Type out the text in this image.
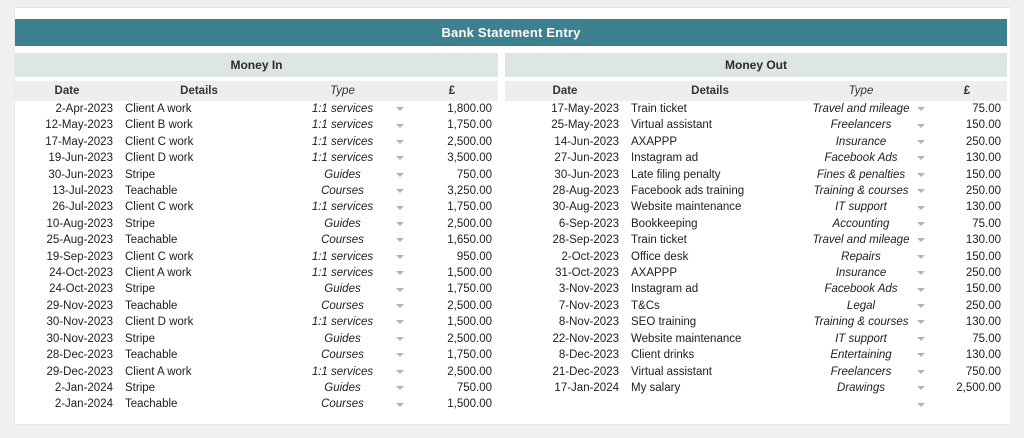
Bank Statement Entry
Money In	Money Out
Date	Details	Type	£
2-Apr-2023	Client A work	1:1 services	1,800.00
12-May-2023	Client B work	1:1 services	1,750.00
17-May-2023	Client C work	1:1 services	2,500.00
19-Jun-2023	Client D work	1:1 services	3,500.00
30-Jun-2023	Stripe	Guides	750.00
13-Jul-2023	Teachable	Courses	3,250.00
26-Jul-2023	Client C work	1:1 services	1,750.00
10-Aug-2023	Stripe	Guides	2,500.00
25-Aug-2023	Teachable	Courses	1,650.00
19-Sep-2023	Client C work	1:1 services	950.00
24-Oct-2023	Client A work	1:1 services	1,500.00
24-Oct-2023	Stripe	Guides	1,750.00
29-Nov-2023	Teachable	Courses	2,500.00
30-Nov-2023	Client D work	1:1 services	1,500.00
30-Nov-2023	Stripe	Guides	2,500.00
28-Dec-2023	Teachable	Courses	1,750.00
29-Dec-2023	Client A work	1:1 services	2,500.00
2-Jan-2024	Stripe	Guides	750.00
2-Jan-2024	Teachable	Courses	1,500.00
Date	Details	Type	£
17-May-2023	Train ticket	Travel and mileage	75.00
25-May-2023	Virtual assistant	Freelancers	150.00
14-Jun-2023	AXAPPP	Insurance	250.00
27-Jun-2023	Instagram ad	Facebook Ads	130.00
30-Jun-2023	Late filing penalty	Fines & penalties	150.00
28-Aug-2023	Facebook ads training	Training & courses	250.00
30-Aug-2023	Website maintenance	IT support	130.00
6-Sep-2023	Bookkeeping	Accounting	75.00
28-Sep-2023	Train ticket	Travel and mileage	130.00
2-Oct-2023	Office desk	Repairs	150.00
31-Oct-2023	AXAPPP	Insurance	250.00
3-Nov-2023	Instagram ad	Facebook Ads	150.00
7-Nov-2023	T&Cs	Legal	250.00
8-Nov-2023	SEO training	Training & courses	130.00
22-Nov-2023	Website maintenance	IT support	75.00
8-Dec-2023	Client drinks	Entertaining	130.00
21-Dec-2023	Virtual assistant	Freelancers	750.00
17-Jan-2024	My salary	Drawings	2,500.00
